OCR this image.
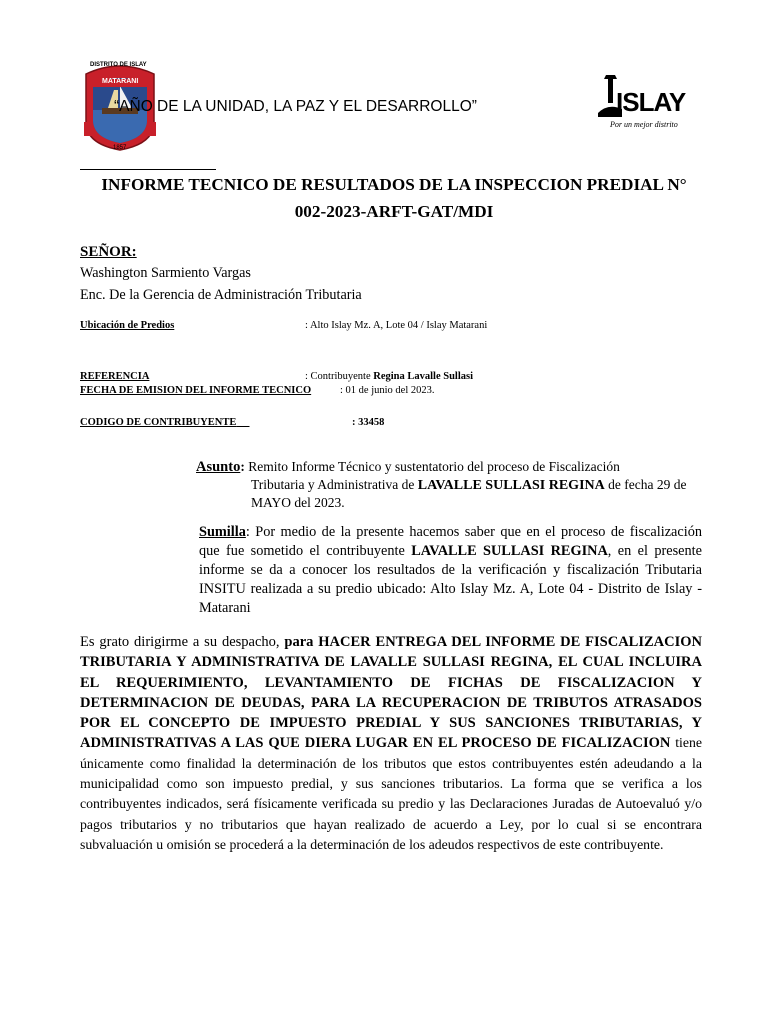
DISTRITO DE ISLAY
MATARANI
1857
“AÑO DE LA UNIDAD, LA PAZ Y EL DESARROLLO”	ISLAY
Por un mejor distrito
INFORME TECNICO DE RESULTADOS DE LA INSPECCION PREDIAL N°
002-2023-ARFT-GAT/MDI
SEÑOR:
Washington Sarmiento Vargas
Enc. De la Gerencia de Administración Tributaria
Ubicación de Predios	: Alto Islay Mz. A, Lote 04 / Islay Matarani
REFERENCIA	: Contribuyente Regina Lavalle Sullasi
FECHA DE EMISION DEL INFORME TECNICO	: 01 de junio del 2023.
CODIGO DE CONTRIBUYENTE	: 33458
Asunto: Remito Informe Técnico y sustentatorio del proceso de Fiscalización
Tributaria y Administrativa de LAVALLE SULLASI REGINA de fecha 29 de
MAYO del 2023.
Sumilla: Por medio de la presente hacemos saber que en el proceso de fiscalización que fue sometido el contribuyente LAVALLE SULLASI REGINA, en el presente informe se da a conocer los resultados de la verificación y fiscalización Tributaria INSITU realizada a su predio ubicado: Alto Islay Mz. A, Lote 04 - Distrito de Islay - Matarani
Es grato dirigirme a su despacho, para HACER ENTREGA DEL INFORME DE FISCALIZACION TRIBUTARIA Y ADMINISTRATIVA DE LAVALLE SULLASI REGINA, EL CUAL INCLUIRA EL REQUERIMIENTO, LEVANTAMIENTO DE FICHAS DE FISCALIZACION Y DETERMINACION DE DEUDAS, PARA LA RECUPERACION DE TRIBUTOS ATRASADOS POR EL CONCEPTO DE IMPUESTO PREDIAL Y SUS SANCIONES TRIBUTARIAS, Y ADMINISTRATIVAS A LAS QUE DIERA LUGAR EN EL PROCESO DE FICALIZACION tiene únicamente como finalidad la determinación de los tributos que estos contribuyentes estén adeudando a la municipalidad como son impuesto predial, y sus sanciones tributarios. La forma que se verifica a los contribuyentes indicados, será físicamente verificada su predio y las Declaraciones Juradas de Autoevaluó y/o pagos tributarios y no tributarios que hayan realizado de acuerdo a Ley, por lo cual si se encontrara subvaluación u omisión se procederá a la determinación de los adeudos respectivos de este contribuyente.
